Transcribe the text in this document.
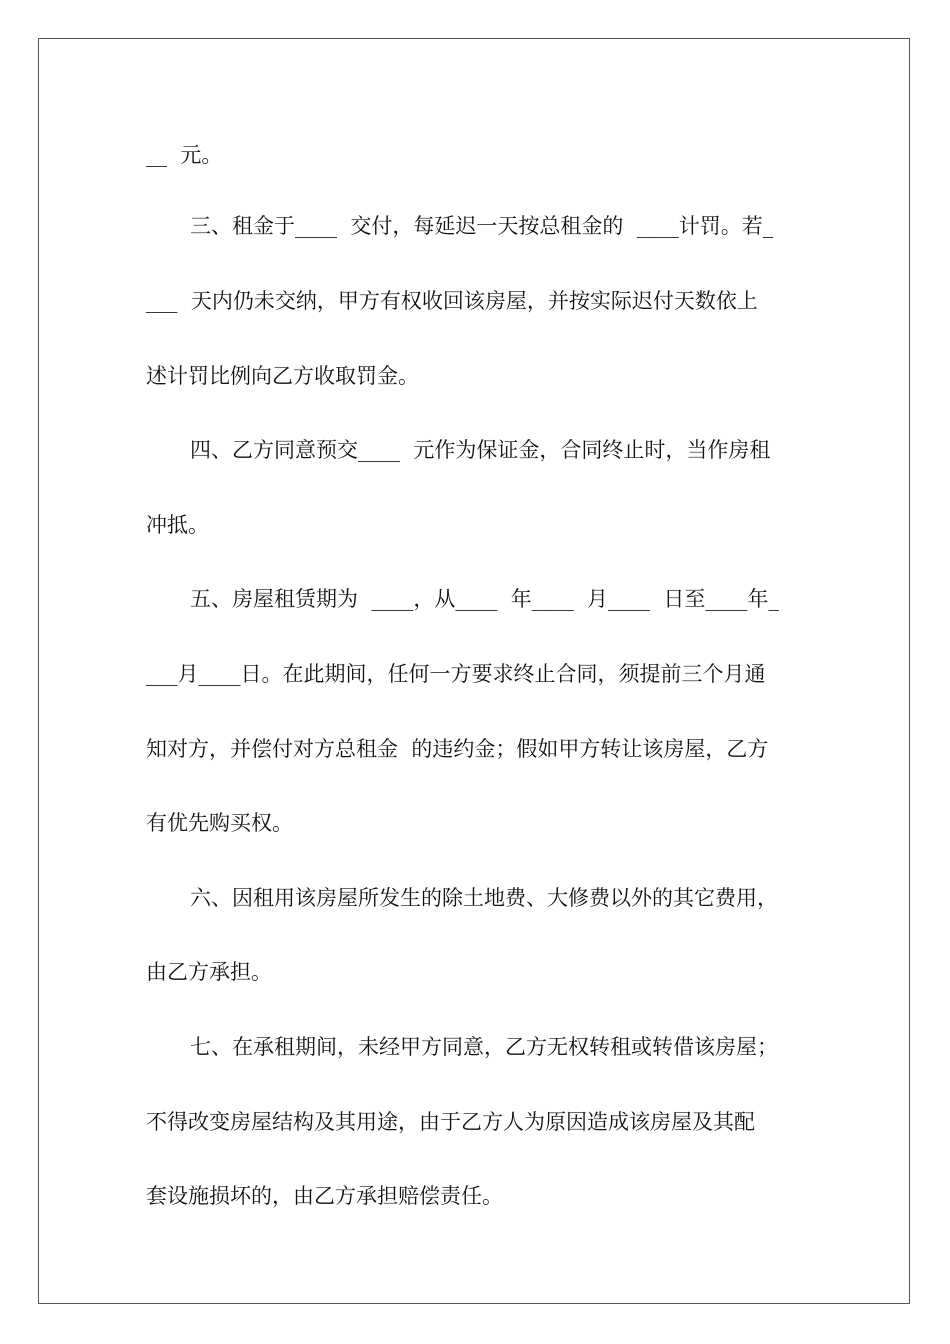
__  元。
三、租金于____  交付，每延迟一天按总租金的  ____计罚。若_
___  天内仍未交纳，甲方有权收回该房屋，并按实际迟付天数依上
述计罚比例向乙方收取罚金。
四、乙方同意预交____  元作为保证金，合同终止时，当作房租
冲抵。
五、房屋租赁期为  ____，从____  年____  月____  日至____年_
___月____日。在此期间，任何一方要求终止合同，须提前三个月通
知对方，并偿付对方总租金  的违约金；假如甲方转让该房屋，乙方
有优先购买权。
六、因租用该房屋所发生的除土地费、大修费以外的其它费用，
由乙方承担。
七、在承租期间，未经甲方同意，乙方无权转租或转借该房屋；
不得改变房屋结构及其用途，由于乙方人为原因造成该房屋及其配
套设施损坏的，由乙方承担赔偿责任。
